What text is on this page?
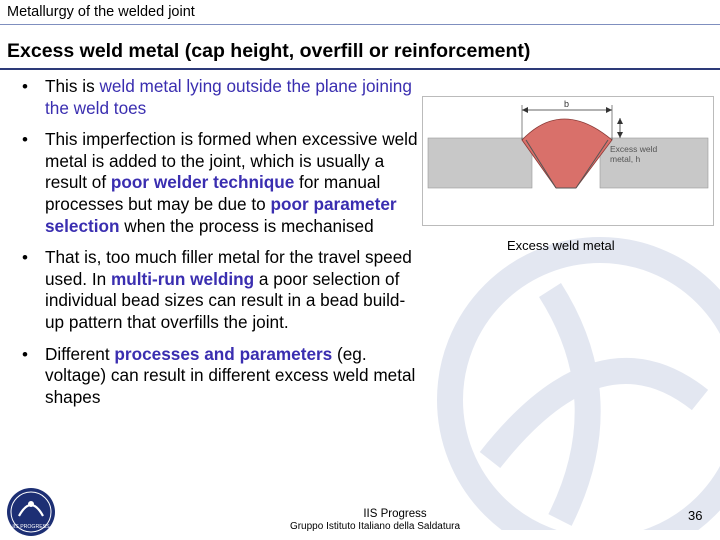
Metallurgy of the welded joint
Excess weld metal (cap height, overfill or reinforcement)
• This is weld metal lying outside the plane joining the weld toes
• This imperfection is formed when excessive weld metal is added to the joint, which is usually a result of poor welder technique for manual processes but may be due to poor parameter selection when the process is mechanised
• That is, too much filler metal for the travel speed used. In multi-run welding a poor selection of individual bead sizes can result in a bead build-up pattern that overfills the joint.
• Different processes and parameters (eg. voltage) can result in different excess weld metal shapes
b
Excess weld
metal, h
Excess weld metal
IIS PROGRESS
IIS Progress
Gruppo Istituto Italiano della Saldatura
36
